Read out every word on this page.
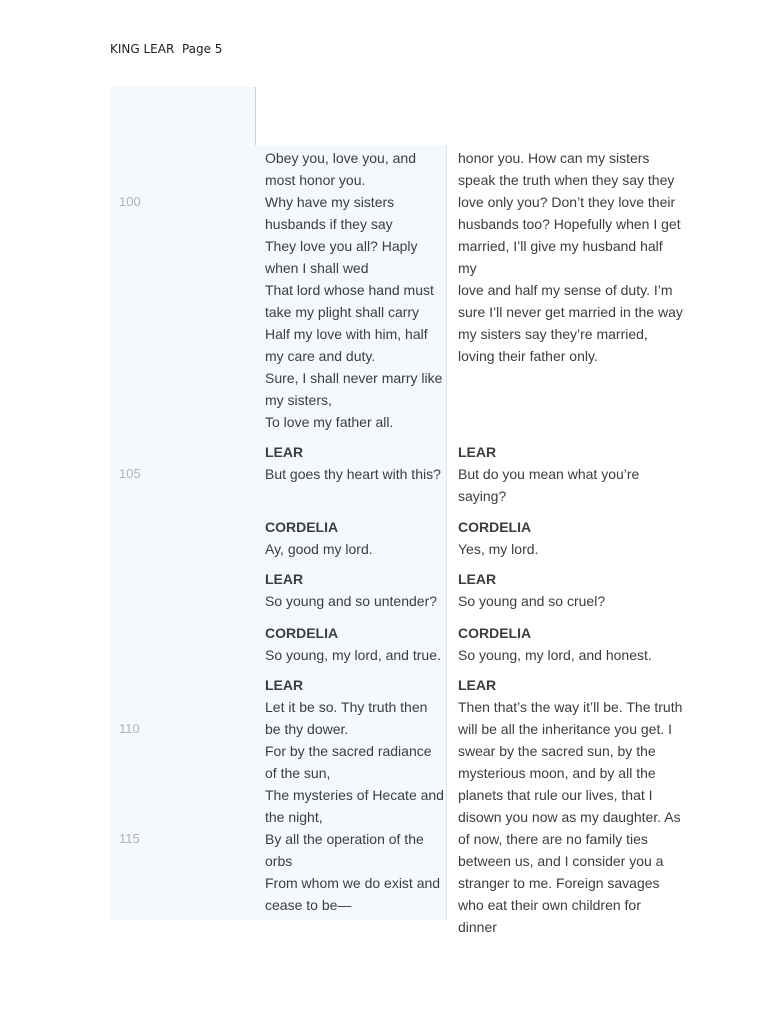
KING LEAR  Page 5
100
105
110
115
Obey you, love you, and
most honor you.
Why have my sisters
husbands if they say
They love you all? Haply
when I shall wed
That lord whose hand must
take my plight shall carry
Half my love with him, half
my care and duty.
Sure, I shall never marry like
my sisters,
To love my father all.
honor you. How can my sisters
speak the truth when they say they
love only you? Don’t they love their
husbands too? Hopefully when I get
married, I’ll give my husband half my
love and half my sense of duty. I’m
sure I’ll never get married in the way
my sisters say they’re married,
loving their father only.
LEAR
But goes thy heart with this?
LEAR
But do you mean what you’re
saying?
CORDELIA
Ay, good my lord.
CORDELIA
Yes, my lord.
LEAR
So young and so untender?
LEAR
So young and so cruel?
CORDELIA
So young, my lord, and true.
CORDELIA
So young, my lord, and honest.
LEAR
Let it be so. Thy truth then
be thy dower.
For by the sacred radiance
of the sun,
The mysteries of Hecate and
the night,
By all the operation of the
orbs
From whom we do exist and
cease to be—
LEAR
Then that’s the way it’ll be. The truth
will be all the inheritance you get. I
swear by the sacred sun, by the
mysterious moon, and by all the
planets that rule our lives, that I
disown you now as my daughter. As
of now, there are no family ties
between us, and I consider you a
stranger to me. Foreign savages
who eat their own children for dinner
